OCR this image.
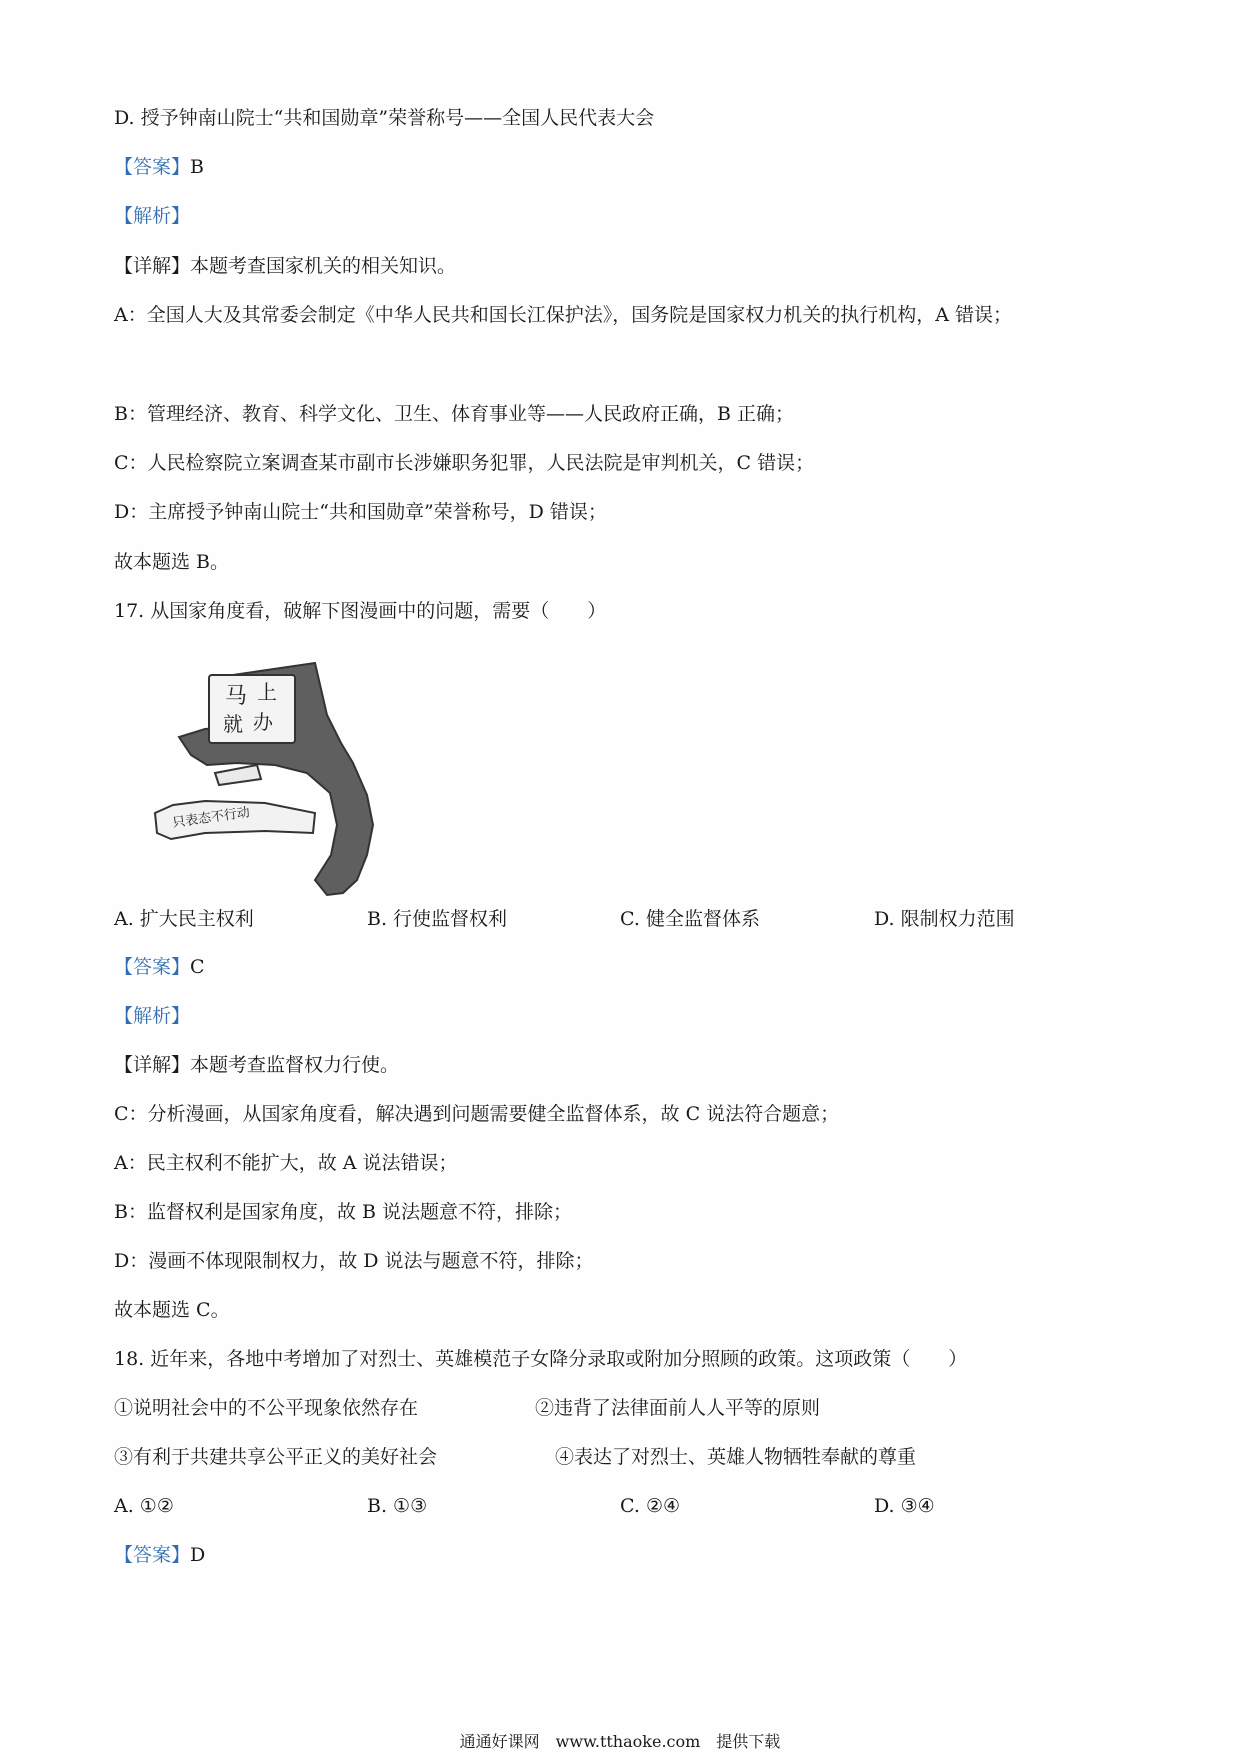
D. 授予钟南山院士“共和国勋章”荣誉称号——全国人民代表大会
【答案】B
【解析】
【详解】本题考查国家机关的相关知识。
A：全国人大及其常委会制定《中华人民共和国长江保护法》，国务院是国家权力机关的执行机构，A 错误；
B：管理经济、教育、科学文化、卫生、体育事业等——人民政府正确，B 正确；
C：人民检察院立案调查某市副市长涉嫌职务犯罪，人民法院是审判机关，C 错误；
D：主席授予钟南山院士“共和国勋章”荣誉称号，D 错误；
故本题选 B。
17. 从国家角度看，破解下图漫画中的问题，需要（　　）
马 上
就 办
只表态不行动
A. 扩大民主权利	B. 行使监督权利	C. 健全监督体系	D. 限制权力范围
【答案】C
【解析】
【详解】本题考查监督权力行使。
C：分析漫画，从国家角度看，解决遇到问题需要健全监督体系，故 C 说法符合题意；
A：民主权利不能扩大，故 A 说法错误；
B：监督权利是国家角度，故 B 说法题意不符，排除；
D：漫画不体现限制权力，故 D 说法与题意不符，排除；
故本题选 C。
18. 近年来，各地中考增加了对烈士、英雄模范子女降分录取或附加分照顾的政策。这项政策（　　）
①说明社会中的不公平现象依然存在	②违背了法律面前人人平等的原则
③有利于共建共享公平正义的美好社会	④表达了对烈士、英雄人物牺牲奉献的尊重
A. ①②	B. ①③	C. ②④	D. ③④
【答案】D
通通好课网　www.tthaoke.com　提供下载
